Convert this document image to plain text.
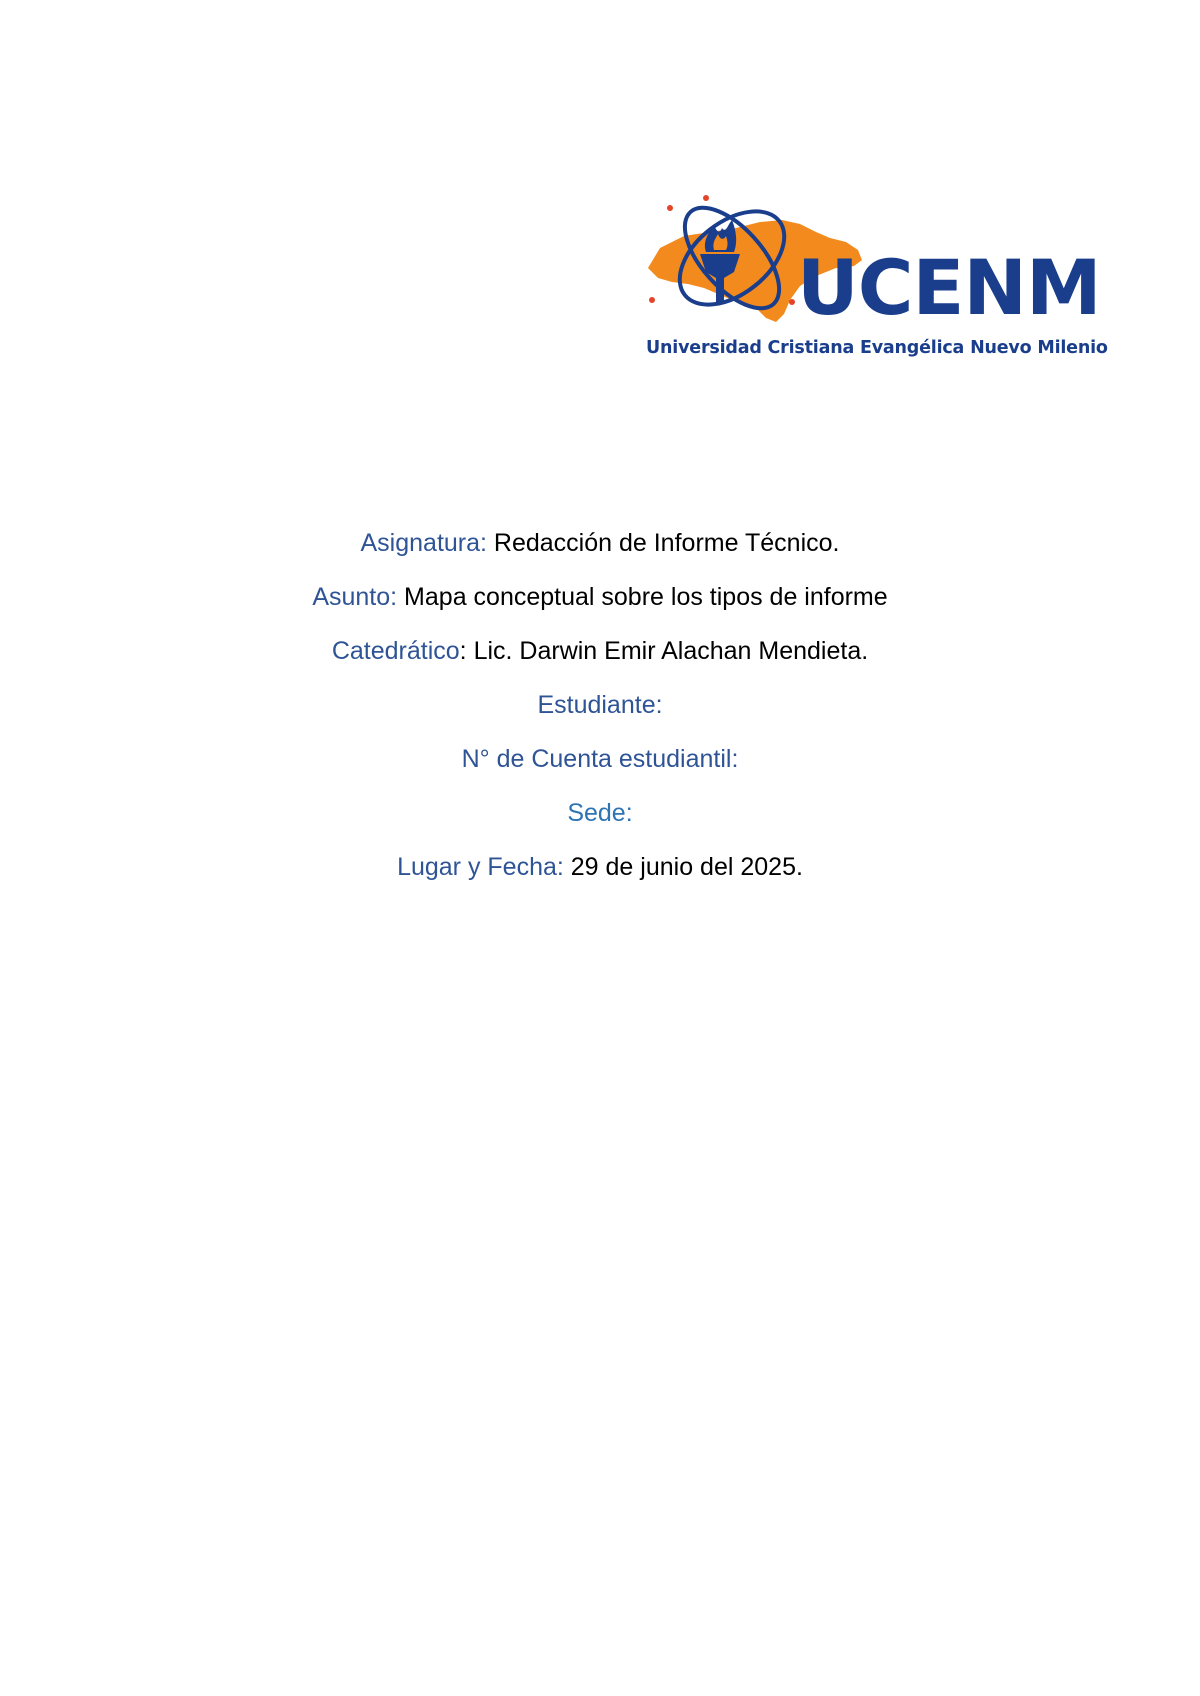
UCENM
Universidad Cristiana Evangélica Nuevo Milenio
Asignatura: Redacción de Informe Técnico.
Asunto: Mapa conceptual sobre los tipos de informe
Catedrático: Lic. Darwin Emir Alachan Mendieta.
Estudiante:
N° de Cuenta estudiantil:
Sede:
Lugar y Fecha: 29 de junio del 2025.
